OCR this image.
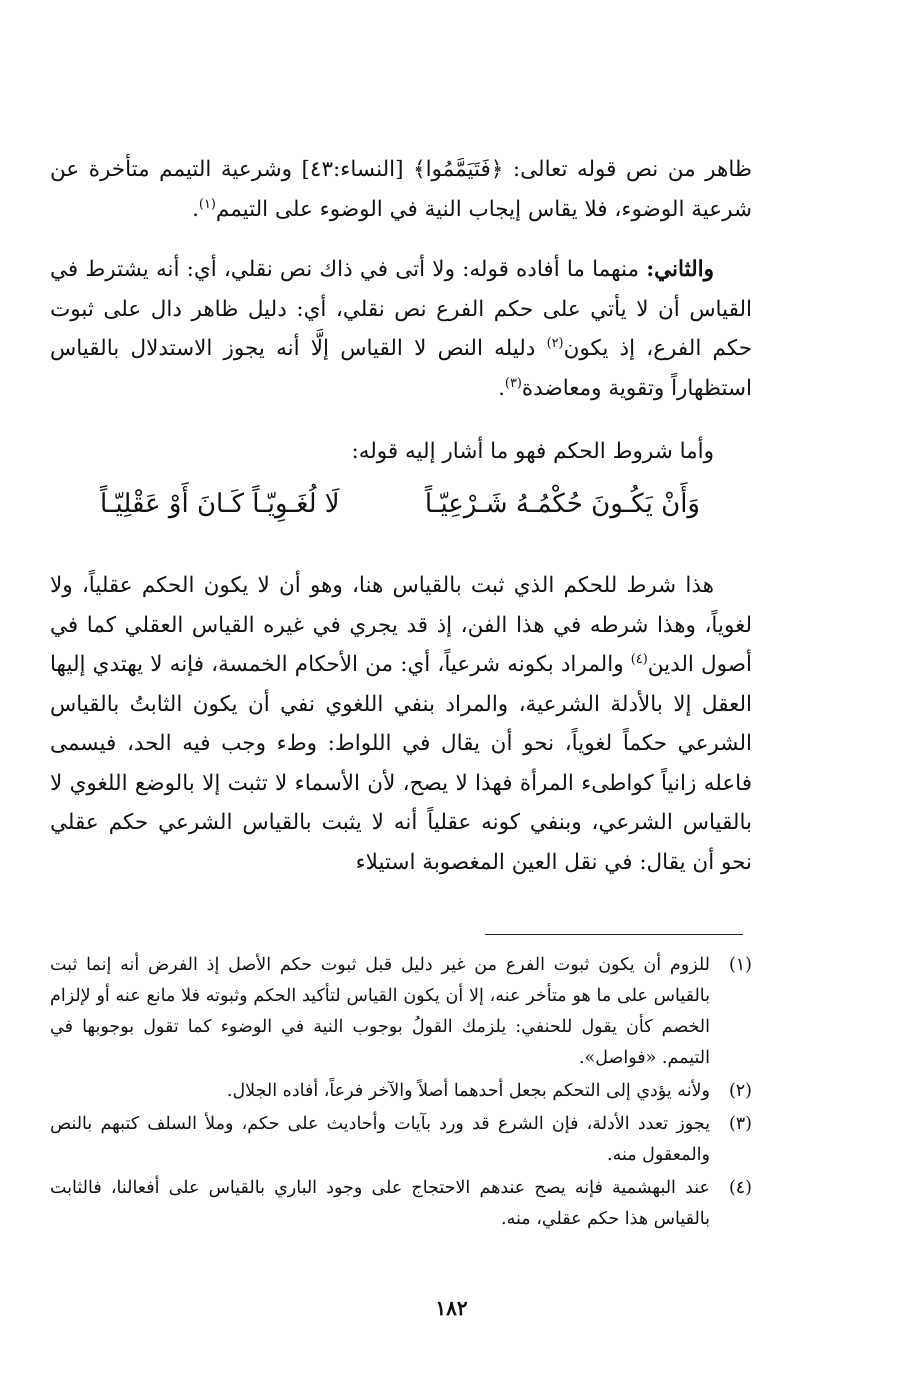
ظاهر من نص قوله تعالى: ﴿فَتَيَمَّمُوا﴾ [النساء:٤٣] وشرعية التيمم متأخرة عن شرعية الوضوء، فلا يقاس إيجاب النية في الوضوء على التيمم$^{(١)}$.

والثاني: منهما ما أفاده قوله: ولا أتى في ذاك نص نقلي، أي: أنه يشترط في القياس أن لا يأتي على حكم الفرع نص نقلي، أي: دليل ظاهر دال على ثبوت حكم الفرع، إذ يكون$^{(٢)}$ دليله النص لا القياس إلَّا أنه يجوز الاستدلال بالقياس استظهاراً وتقوية ومعاضدة$^{(٣)}$.

وأما شروط الحكم فهو ما أشار إليه قوله:

وَأَنْ يَكُـونَ حُكْمُـهُ شَـرْعِيّـاً
لَا لُغَـوِيّـاً كَـانَ أَوْ عَقْلِيّـاً

هذا شرط للحكم الذي ثبت بالقياس هنا، وهو أن لا يكون الحكم عقلياً، ولا لغوياً، وهذا شرطه في هذا الفن، إذ قد يجري في غيره القياس العقلي كما في أصول الدين$^{(٤)}$ والمراد بكونه شرعياً، أي: من الأحكام الخمسة، فإنه لا يهتدي إليها العقل إلا بالأدلة الشرعية، والمراد بنفي اللغوي نفي أن يكون الثابتُ بالقياس الشرعي حكماً لغوياً، نحو أن يقال في اللواط: وطء وجب فيه الحد، فيسمى فاعله زانياً كواطىء المرأة فهذا لا يصح، لأن الأسماء لا تثبت إلا بالوضع اللغوي لا بالقياس الشرعي، وبنفي كونه عقلياً أنه لا يثبت بالقياس الشرعي حكم عقلي نحو أن يقال: في نقل العين المغصوبة استيلاء

(١)
للزوم أن يكون ثبوت الفرع من غير دليل قبل ثبوت حكم الأصل إذ الفرض أنه إنما ثبت بالقياس على ما هو متأخر عنه، إلا أن يكون القياس لتأكيد الحكم وثبوته فلا مانع عنه أو لإلزام الخصم كأن يقول للحنفي: يلزمك القولُ بوجوب النية في الوضوء كما تقول بوجوبها في التيمم. «فواصل».
(٢)
ولأنه يؤدي إلى التحكم بجعل أحدهما أصلاً والآخر فرعاً، أفاده الجلال.
(٣)
يجوز تعدد الأدلة، فإن الشرع قد ورد بآيات وأحاديث على حكم، وملأ السلف كتبهم بالنص والمعقول منه.
(٤)
عند البهشمية فإنه يصح عندهم الاحتجاج على وجود الباري بالقياس على أفعالنا، فالثابت بالقياس هذا حكم عقلي، منه.
١٨٢
